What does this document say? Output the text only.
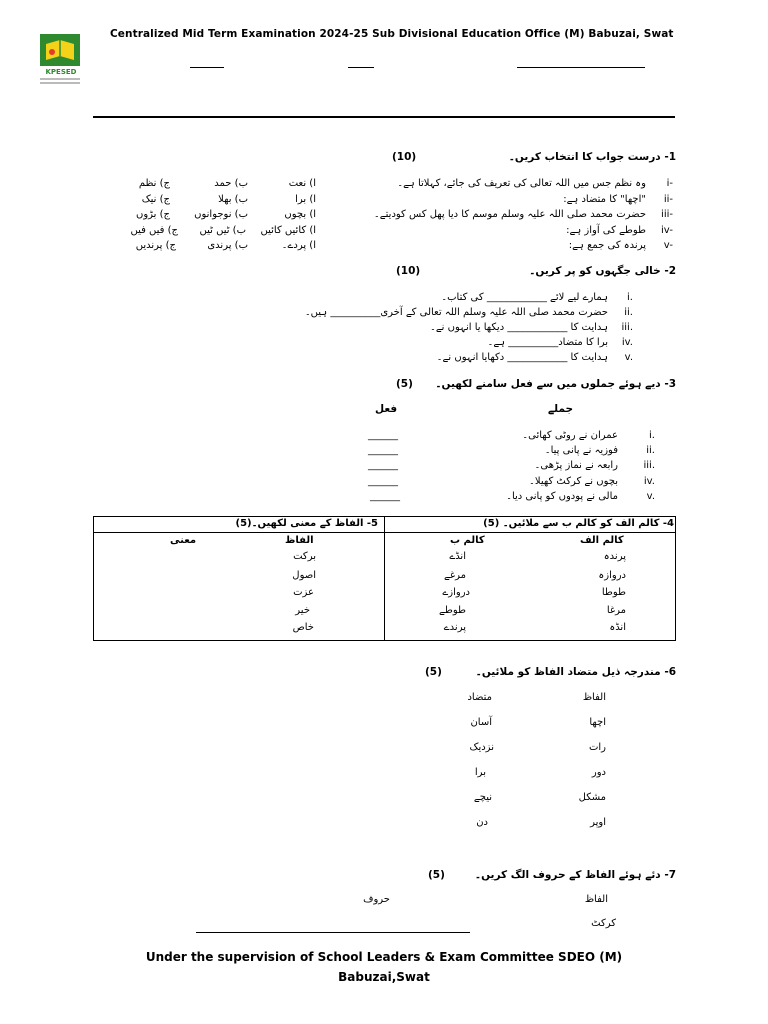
Centralized Mid Term Examination 2024-25 Sub Divisional Education Office (M) Babuzai, Swat
KPESED
1- درست جواب کا انتخاب کریں۔
(10)
i-
وہ نظم جس میں اللہ تعالی کی تعریف کی جائے، کہلاتا ہے۔
ا) نعت
ب) حمد
ج) نظم
ii-
"اچھا" کا متضاد ہے:
ا) برا
ب) بھلا
ج) نیک
iii-
حضرت محمد صلی اللہ علیہ وسلم موسم کا دیا پھل کس کودیتے۔
ا) بچوں
ب) نوجوانوں
ج) بڑوں
iv-
طوطے کی آواز ہے:
ا) کائیں کائیں
ب) ٹیں ٹیں
ج) فیں فیں
v-
پرندہ کی جمع ہے:
ا) پردے۔
ب) پرندی
ج) پرندیں
2- خالی جگہوں کو پر کریں۔
(10)
i.
ہمارے لیے لائے ____________ کی کتاب۔
ii.
حضرت محمد صلی اللہ علیہ وسلم اللہ تعالی کے آخری__________ ہیں۔
iii.
ہدایت کا ____________ دیکھا یا انہوں نے۔
iv.
برا کا متضاد__________ ہے۔
v.
ہدایت کا ____________ دکھایا انہوں نے۔
3- دیے ہوئے جملوں میں سے فعل سامنے لکھیں۔
(5)
جملے
فعل
i.
عمران نے روٹی کھائی۔
______
ii.
فوزیہ نے پانی پیا۔
______
iii.
رابعہ نے نماز پڑھی۔
______
iv.
بچوں نے کرکٹ کھیلا۔
______
v.
مالی نے پودوں کو پانی دیا۔
______
4- کالم الف کو کالم ب سے ملائیں۔ (5)
5- الفاظ کے معنی لکھیں۔(5)
کالم الف
کالم ب
الفاظ
معنی
پرندہ
دروازہ
طوطا
مرغا
انڈہ
انڈے
مرغے
دروازے
طوطے
پرندے
برکت
اصول
عزت
خیر
خاص
6- مندرجہ ذیل متضاد الفاظ کو ملائیں۔
(5)
الفاظ
متضاد
اچھا
رات
دور
مشکل
اوپر
آسان
نزدیک
برا
نیچے
دن
7- دئے ہوئے الفاظ کے حروف الگ کریں۔
(5)
الفاظ
حروف
کرکٹ
Under the supervision of School Leaders & Exam Committee SDEO (M)
Babuzai,Swat
